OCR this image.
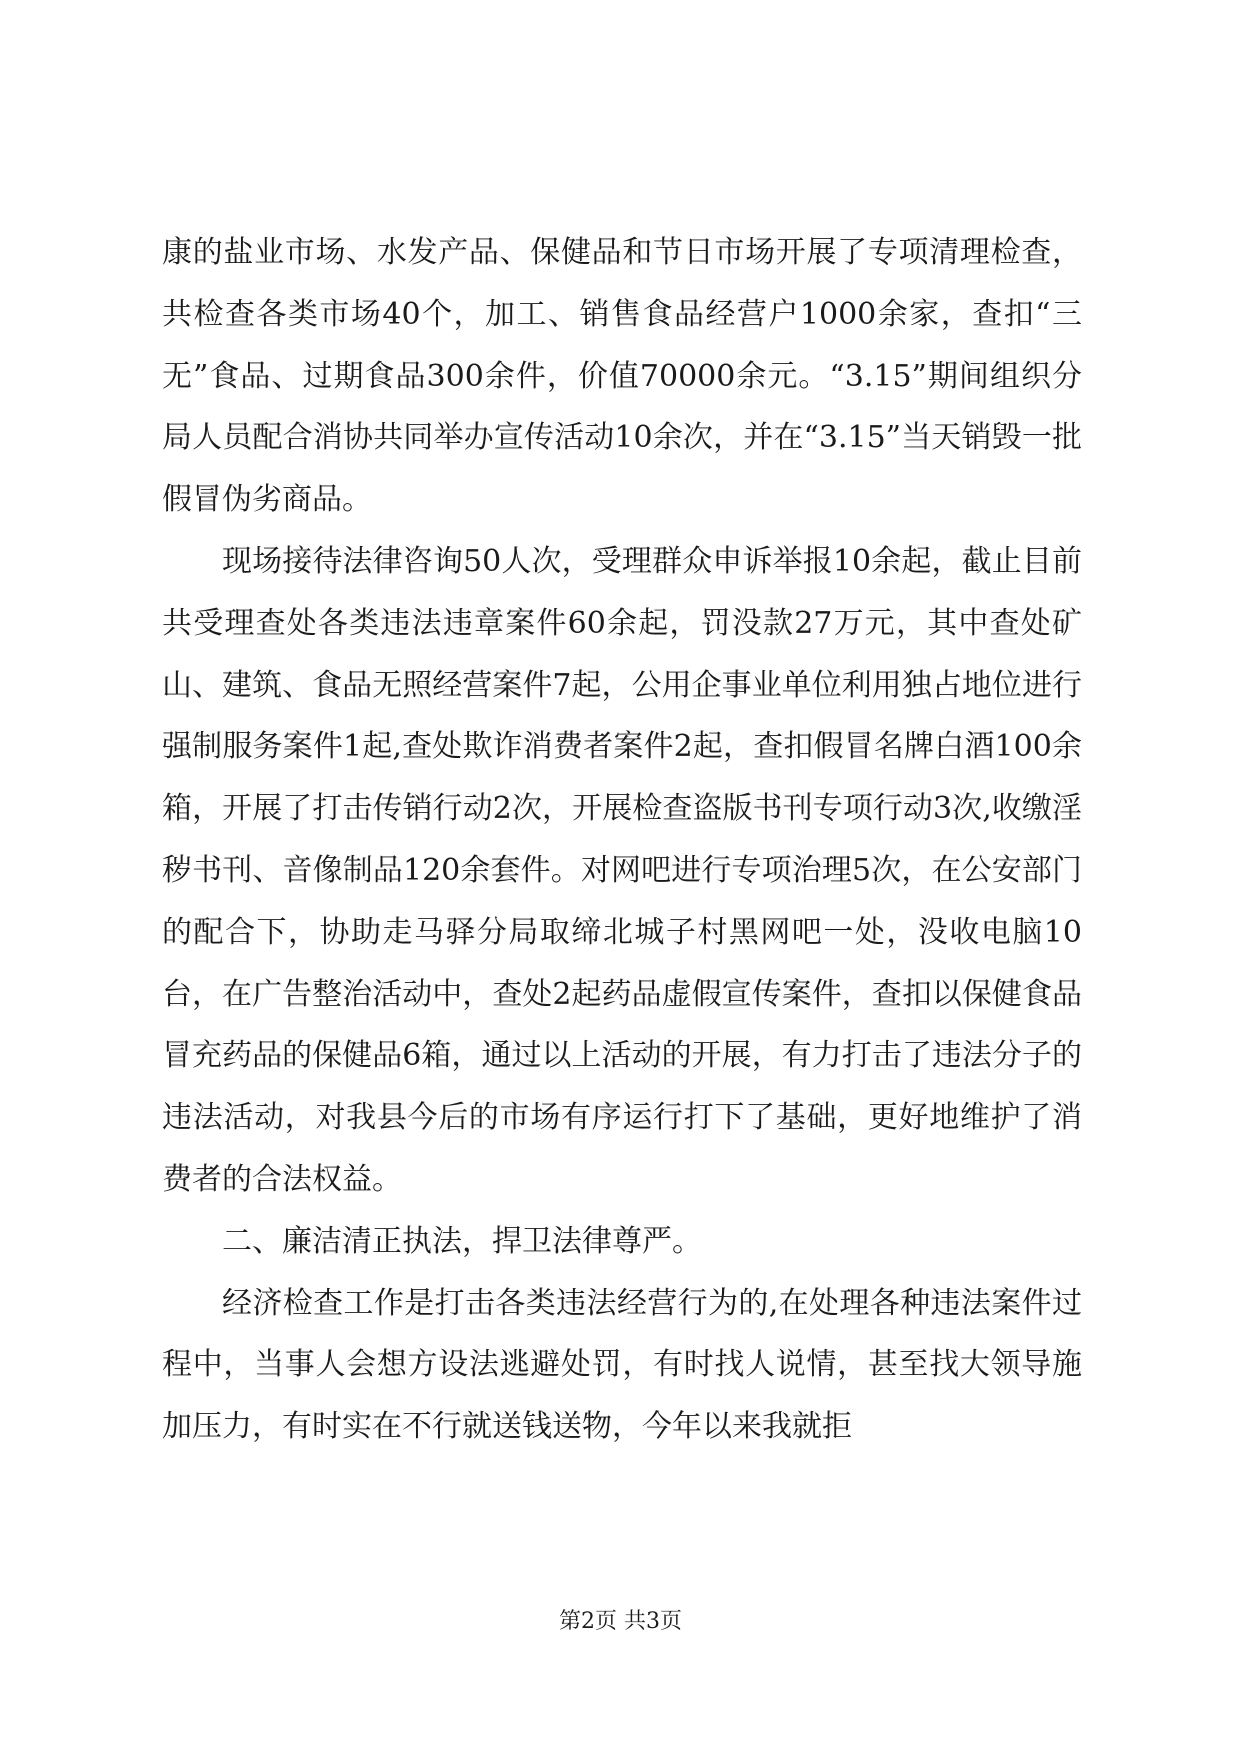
康的盐业市场、水发产品、保健品和节日市场开展了专项清理检查，共检查各类市场40个，加工、销售食品经营户1000余家，查扣“三无”食品、过期食品300余件，价值70000余元。“3.15”期间组织分局人员配合消协共同举办宣传活动10余次，并在“3.15”当天销毁一批假冒伪劣商品。

现场接待法律咨询50人次，受理群众申诉举报10余起，截止目前共受理查处各类违法违章案件60余起，罚没款27万元，其中查处矿山、建筑、食品无照经营案件7起，公用企事业单位利用独占地位进行强制服务案件1起,查处欺诈消费者案件2起，查扣假冒名牌白酒100余箱，开展了打击传销行动2次，开展检查盗版书刊专项行动3次,收缴淫秽书刊、音像制品120余套件。对网吧进行专项治理5次，在公安部门的配合下，协助走马驿分局取缔北城子村黑网吧一处，没收电脑10台，在广告整治活动中，查处2起药品虚假宣传案件，查扣以保健食品冒充药品的保健品6箱，通过以上活动的开展，有力打击了违法分子的违法活动，对我县今后的市场有序运行打下了基础，更好地维护了消费者的合法权益。

二、廉洁清正执法，捍卫法律尊严。

经济检查工作是打击各类违法经营行为的,在处理各种违法案件过程中，当事人会想方设法逃避处罚，有时找人说情，甚至找大领导施加压力，有时实在不行就送钱送物，今年以来我就拒

第2页 共3页
